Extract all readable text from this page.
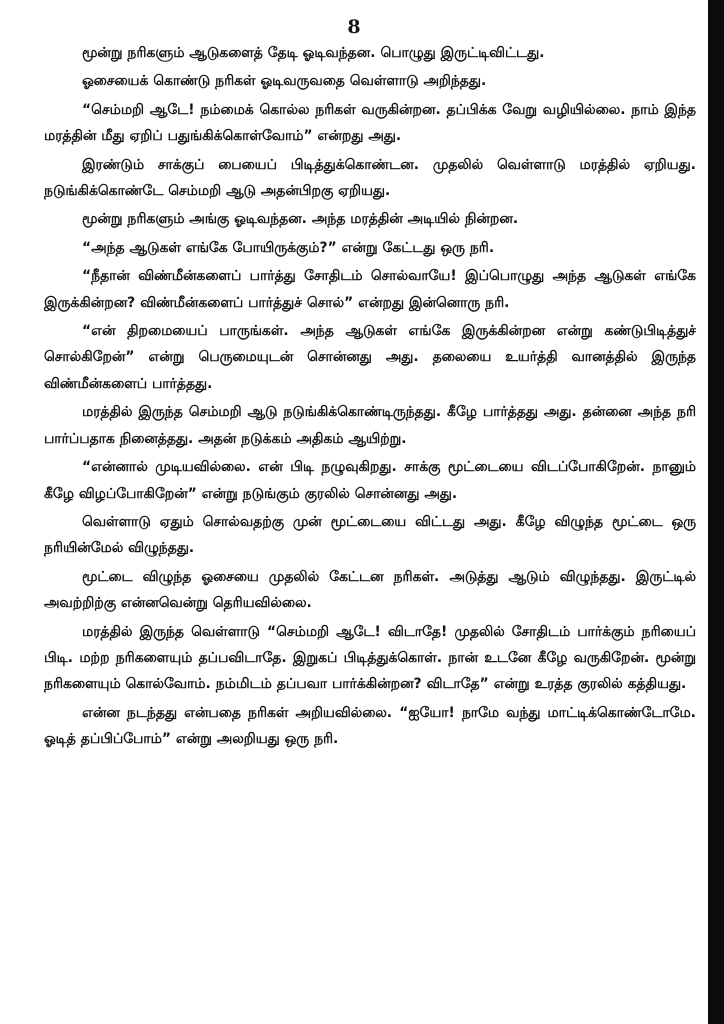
8

மூன்று நரிகளும் ஆடுகளைத் தேடி ஓடிவந்தன. பொழுது இருட்டிவிட்டது.

ஓசையைக் கொண்டு நரிகள் ஓடிவருவதை வெள்ளாடு அறிந்தது.

“செம்மறி ஆடே! நம்மைக் கொல்ல நரிகள் வருகின்றன. தப்பிக்க வேறு வழியில்லை. நாம் இந்த மரத்தின் மீது ஏறிப் பதுங்கிக்கொள்வோம்” என்றது அது.

இரண்டும் சாக்குப் பையைப் பிடித்துக்கொண்டன. முதலில் வெள்ளாடு மரத்தில் ஏறியது. நடுங்கிக்கொண்டே செம்மறி ஆடு அதன்பிறகு ஏறியது.

மூன்று நரிகளும் அங்கு ஓடிவந்தன. அந்த மரத்தின் அடியில் நின்றன.

“அந்த ஆடுகள் எங்கே போயிருக்கும்?” என்று கேட்டது ஒரு நரி.

“நீதான் விண்மீன்களைப் பார்த்து சோதிடம் சொல்வாயே! இப்பொழுது அந்த ஆடுகள் எங்கே இருக்கின்றன? விண்மீன்களைப் பார்த்துச் சொல்” என்றது இன்னொரு நரி.

“என் திறமையைப் பாருங்கள். அந்த ஆடுகள் எங்கே இருக்கின்றன என்று கண்டுபிடித்துச் சொல்கிறேன்” என்று பெருமையுடன் சொன்னது அது. தலையை உயர்த்தி வானத்தில் இருந்த விண்மீன்களைப் பார்த்தது.

மரத்தில் இருந்த செம்மறி ஆடு நடுங்கிக்கொண்டிருந்தது. கீழே பார்த்தது அது. தன்னை அந்த நரி பார்ப்பதாக நினைத்தது. அதன் நடுக்கம் அதிகம் ஆயிற்று.

“என்னால் முடியவில்லை. என் பிடி நழுவுகிறது. சாக்கு மூட்டையை விடப்போகிறேன். நானும் கீழே விழப்போகிறேன்” என்று நடுங்கும் குரலில் சொன்னது அது.

வெள்ளாடு ஏதும் சொல்வதற்கு முன் மூட்டையை விட்டது அது. கீழே விழுந்த மூட்டை ஒரு நரியின்மேல் விழுந்தது.

மூட்டை விழுந்த ஓசையை முதலில் கேட்டன நரிகள். அடுத்து ஆடும் விழுந்தது. இருட்டில் அவற்றிற்கு என்னவென்று தெரியவில்லை.

மரத்தில் இருந்த வெள்ளாடு “செம்மறி ஆடே! விடாதே! முதலில் சோதிடம் பார்க்கும் நரியைப் பிடி. மற்ற நரிகளையும் தப்பவிடாதே. இறுகப் பிடித்துக்கொள். நான் உடனே கீழே வருகிறேன். மூன்று நரிகளையும் கொல்வோம். நம்மிடம் தப்பவா பார்க்கின்றன? விடாதே” என்று உரத்த குரலில் கத்தியது.

என்ன நடந்தது என்பதை நரிகள் அறியவில்லை. “ஐயோ! நாமே வந்து மாட்டிக்கொண்டோமே. ஓடித் தப்பிப்போம்” என்று அலறியது ஒரு நரி.
